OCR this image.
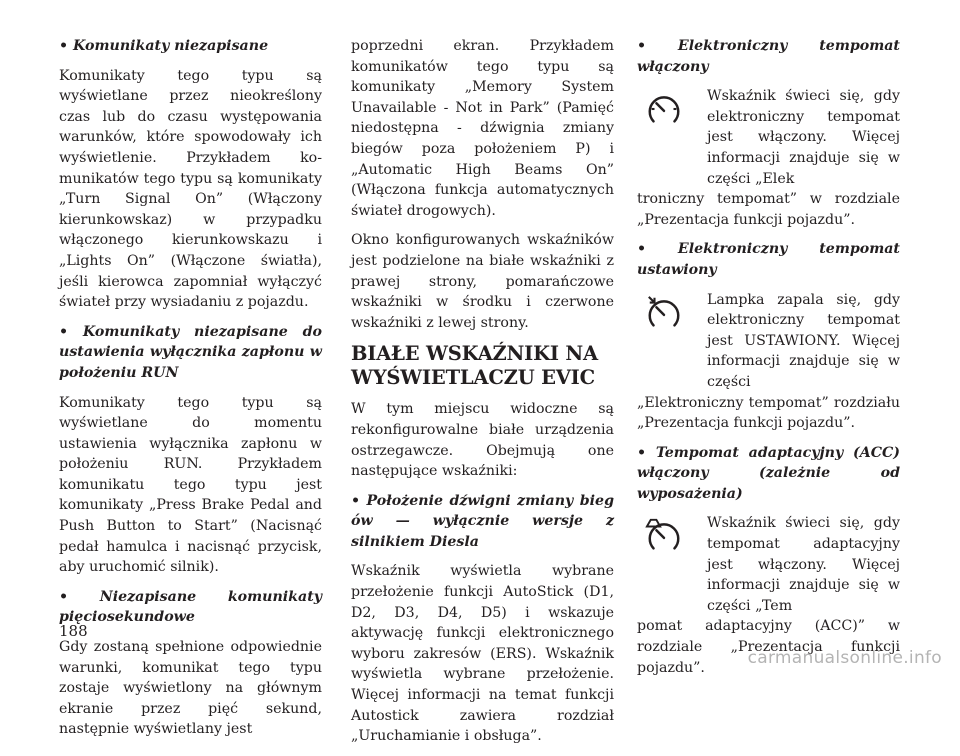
• Komunikaty niezapisane

Komunikaty tego typu są wyświetlane przez nieokreślony czas lub do czasu występowania warunków, które spowodowały ich wyświetlenie. Przykładem komunikatów tego typu są komunikaty „Turn Signal On” (Włączony kierunkowskaz) w przypadku włączonego kierunkowskazu i „Lights On” (Włączone światła), jeśli kierowca zapomniał wyłączyć świateł przy wysiadaniu z pojazdu.

• Komunikaty niezapisane do ustawienia wyłącznika zapłonu w położeniu RUN

Komunikaty tego typu są wyświetlane do momentu ustawienia wyłącznika zapłonu w położeniu RUN. Przykładem komunikatu tego typu jest komunikaty „Press Brake Pedal and Push Button to Start” (Nacisnąć pedał hamulca i nacisnąć przycisk, aby uruchomić silnik).

• Niezapisane komunikaty pięciosekundowe

Gdy zostaną spełnione odpowiednie warunki, komunikat tego typu zostaje wyświetlony na głównym ekranie przez pięć sekund, następnie wyświetlany jest

poprzedni ekran. Przykładem komunikatów tego typu są komunikaty „Memory System Unavailable - Not in Park” (Pamięć niedostępna - dźwignia zmiany biegów poza położeniem P) i „Automatic High Beams On” (Włączona funkcja automatycznych świateł drogowych).

Okno konfigurowanych wskaźników jest podzielone na białe wskaźniki z prawej strony, pomarańczowe wskaźniki w środku i czerwone wskaźniki z lewej strony.

BIAŁE WSKAŹNIKI NA WYŚWIETLACZU EVIC

W tym miejscu widoczne są rekonfigurowalne białe urządzenia ostrzegawcze. Obejmują one następujące wskaźniki:

• Położenie dźwigni zmiany bieg ów — wyłącznie wersje z silnikiem Diesla

Wskaźnik wyświetla wybrane przełożenie funkcji AutoStick (D1, D2, D3, D4, D5) i wskazuje aktywację funkcji elektronicznego wyboru zakresów (ERS). Wskaźnik wyświetla wybrane przełożenie. Więcej informacji na temat funkcji Autostick zawiera rozdział „Uruchamianie i obsługa”.

• Elektroniczny tempomat włączony

Wskaźnik świeci się, gdy elektroniczny tempomat jest włączony. Więcej informacji znajduje się w części „Elek

troniczny tempomat” w rozdziale „Prezentacja funkcji pojazdu”.

• Elektroniczny tempomat ustawiony

Lampka zapala się, gdy elektroniczny tempomat jest USTAWIONY. Więcej informacji znajduje się w części

„Elektroniczny tempomat” rozdziału „Prezentacja funkcji pojazdu”.

• Tempomat adaptacyjny (ACC) włączony (zależnie od wyposażenia)

Wskaźnik świeci się, gdy tempomat adaptacyjny jest włączony. Więcej informacji znajduje się w części „Tem

pomat adaptacyjny (ACC)” w rozdziale „Prezentacja funkcji pojazdu”.

188
carmanualsonline.info
